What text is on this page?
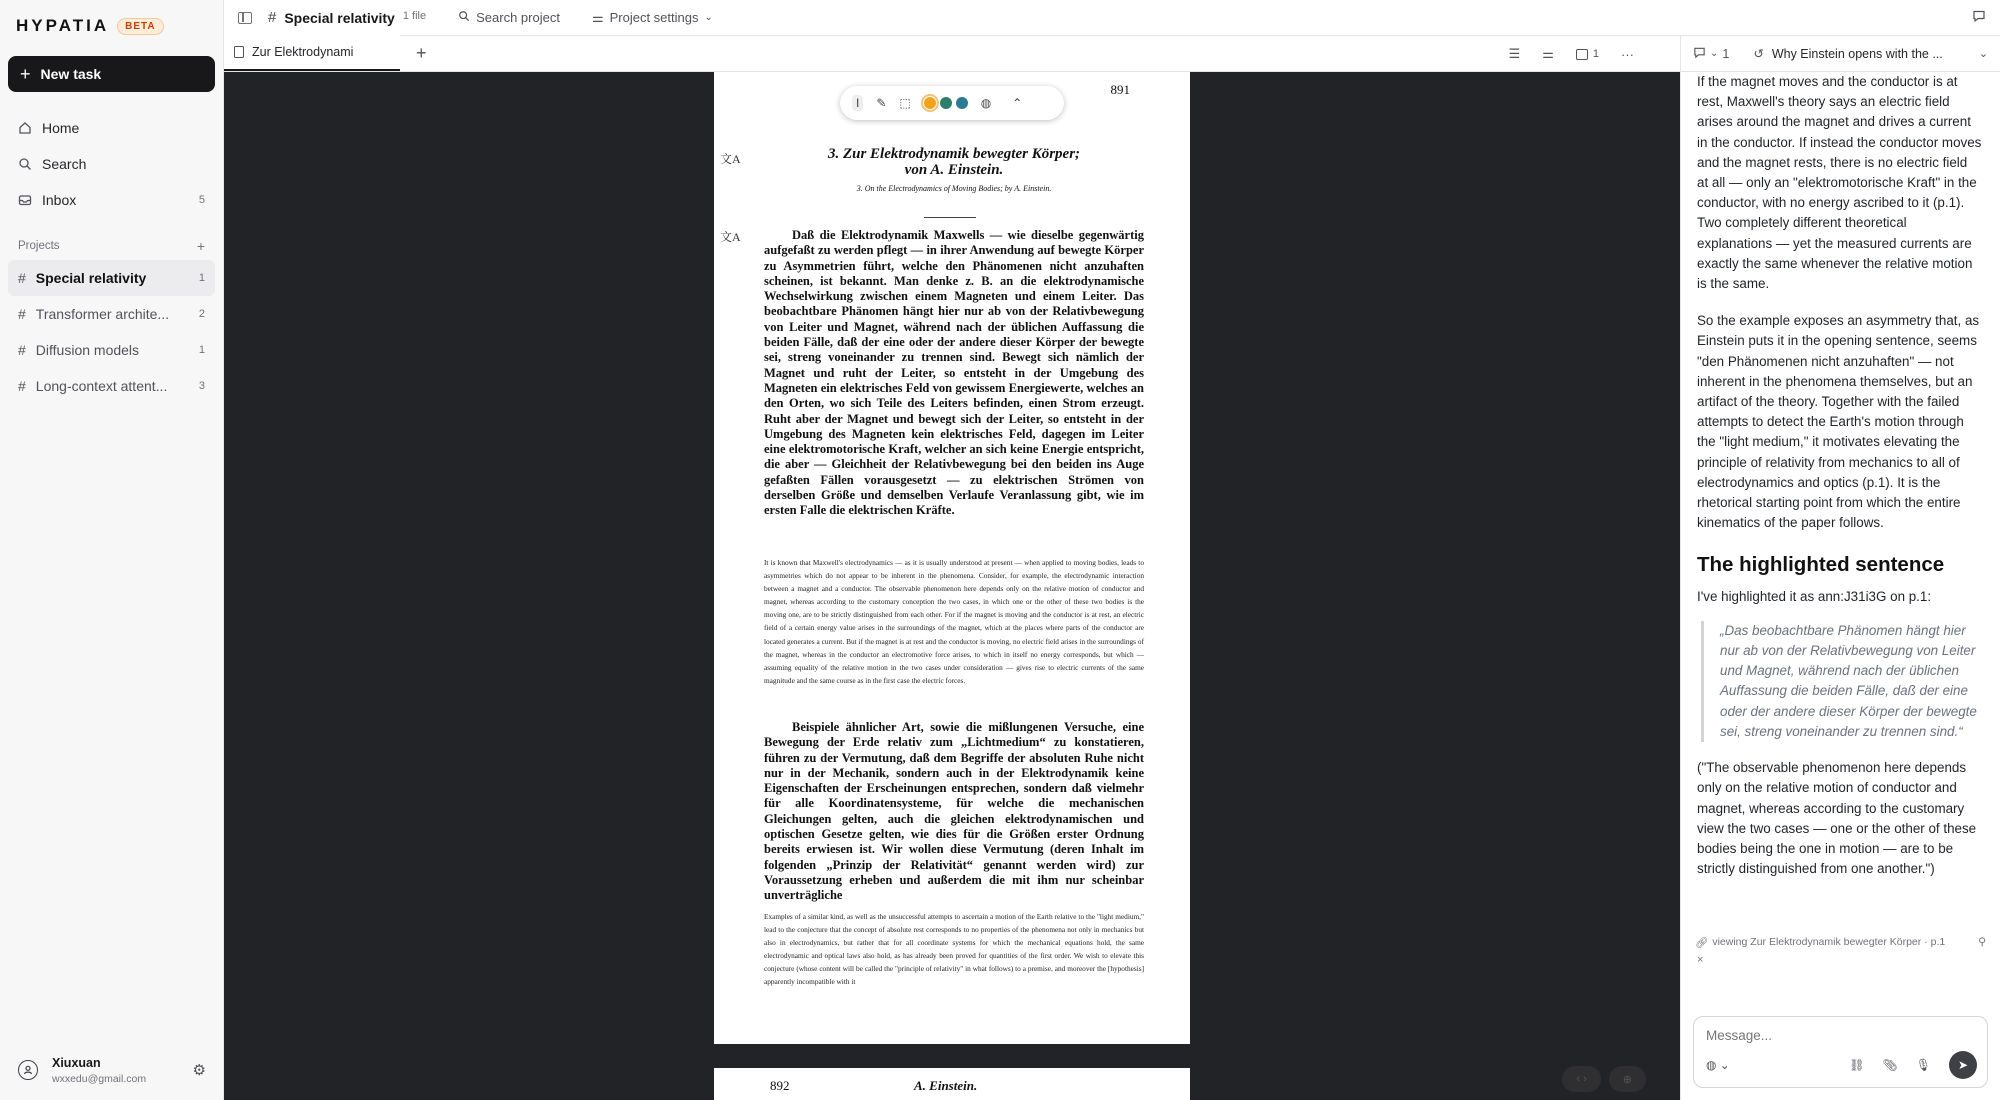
HYPATIA	BETA
+ New task
Home
Search
Inbox	5
Projects	+
# Special relativity	1
# Transformer archite...	2
# Diffusion models	1
# Long-context attent...	3
Xiuxuan
wxxedu@gmail.com	⚙
# Special relativity 1 file	Search project ⚌ Project settings ⌄
Zur Elektrodynami	+	☰ ⚌	1 ···
I	✎ ⬚	◍ ⌃
891
文A
文A
3. Zur Elektrodynamik bewegter Körper;
von A. Einstein.
3. On the Electrodynamics of Moving Bodies; by A. Einstein.
Daß die Elektrodynamik Maxwells — wie dieselbe gegenwärtig aufgefaßt zu werden pflegt — in ihrer Anwendung auf bewegte Körper zu Asymmetrien führt, welche den Phänomenen nicht anzuhaften scheinen, ist bekannt. Man denke z. B. an die elektrodynamische Wechselwirkung zwischen einem Magneten und einem Leiter. Das beobachtbare Phänomen hängt hier nur ab von der Relativbewegung von Leiter und Magnet, während nach der üblichen Auffassung die beiden Fälle, daß der eine oder der andere dieser Körper der bewegte sei, streng voneinander zu trennen sind. Bewegt sich nämlich der Magnet und ruht der Leiter, so entsteht in der Umgebung des Magneten ein elektrisches Feld von gewissem Energiewerte, welches an den Orten, wo sich Teile des Leiters befinden, einen Strom erzeugt. Ruht aber der Magnet und bewegt sich der Leiter, so entsteht in der Umgebung des Magneten kein elektrisches Feld, dagegen im Leiter eine elektromotorische Kraft, welcher an sich keine Energie entspricht, die aber — Gleichheit der Relativbewegung bei den beiden ins Auge gefaßten Fällen vorausgesetzt — zu elektrischen Strömen von derselben Größe und demselben Verlaufe Veranlassung gibt, wie im ersten Falle die elektrischen Kräfte.
It is known that Maxwell's electrodynamics — as it is usually understood at present — when applied to moving bodies, leads to asymmetries which do not appear to be inherent in the phenomena. Consider, for example, the electrodynamic interaction between a magnet and a conductor. The observable phenomenon here depends only on the relative motion of conductor and magnet, whereas according to the customary conception the two cases, in which one or the other of these two bodies is the moving one, are to be strictly distinguished from each other. For if the magnet is moving and the conductor is at rest, an electric field of a certain energy value arises in the surroundings of the magnet, which at the places where parts of the conductor are located generates a current. But if the magnet is at rest and the conductor is moving, no electric field arises in the surroundings of the magnet, whereas in the conductor an electromotive force arises, to which in itself no energy corresponds, but which — assuming equality of the relative motion in the two cases under consideration — gives rise to electric currents of the same magnitude and the same course as in the first case the electric forces.
Beispiele ähnlicher Art, sowie die mißlungenen Versuche, eine Bewegung der Erde relativ zum „Lichtmedium“ zu konstatieren, führen zu der Vermutung, daß dem Begriffe der absoluten Ruhe nicht nur in der Mechanik, sondern auch in der Elektrodynamik keine Eigenschaften der Erscheinungen entsprechen, sondern daß vielmehr für alle Koordinatensysteme, für welche die mechanischen Gleichungen gelten, auch die gleichen elektrodynamischen und optischen Gesetze gelten, wie dies für die Größen erster Ordnung bereits erwiesen ist. Wir wollen diese Vermutung (deren Inhalt im folgenden „Prinzip der Relativität“ genannt werden wird) zur Voraussetzung erheben und außerdem die mit ihm nur scheinbar unverträgliche
Examples of a similar kind, as well as the unsuccessful attempts to ascertain a motion of the Earth relative to the "light medium," lead to the conjecture that the concept of absolute rest corresponds to no properties of the phenomena not only in mechanics but also in electrodynamics, but rather that for all coordinate systems for which the mechanical equations hold, the same electrodynamic and optical laws also hold, as has already been proved for quantities of the first order. We wish to elevate this conjecture (whose content will be called the "principle of relativity" in what follows) to a premise, and moreover the [hypothesis] apparently incompatible with it
892	A. Einstein.	‹ ›	⊕
⌄ 1 ↺ Why Einstein opens with the ...	⌄

If the magnet moves and the conductor is at rest, Maxwell's theory says an electric field arises around the magnet and drives a current in the conductor. If instead the conductor moves and the magnet rests, there is no electric field at all — only an "elektromotorische Kraft" in the conductor, with no energy ascribed to it (p.1). Two completely different theoretical explanations — yet the measured currents are exactly the same whenever the relative motion is the same.

So the example exposes an asymmetry that, as Einstein puts it in the opening sentence, seems "den Phänomenen nicht anzuhaften" — not inherent in the phenomena themselves, but an artifact of the theory. Together with the failed attempts to detect the Earth's motion through the "light medium," it motivates elevating the principle of relativity from mechanics to all of electrodynamics and optics (p.1). It is the rhetorical starting point from which the entire kinematics of the paper follows.

The highlighted sentence

I've highlighted it as ann:J31i3G on p.1:

„Das beobachtbare Phänomen hängt hier nur ab von der Relativbewegung von Leiter und Magnet, während nach der üblichen Auffassung die beiden Fälle, daß der eine oder der andere dieser Körper der bewegte sei, streng voneinander zu trennen sind.“

("The observable phenomenon here depends only on the relative motion of conductor and magnet, whereas according to the customary view the two cases — one or the other of these bodies being the one in motion — are to be strictly distinguished from one another.")

🔗︎ viewing Zur Elektrodynamik bewegter Körper · p.1	⚲
×
Message...
◍ ⌄	⛓ 📎︎ 🎙︎	➤
